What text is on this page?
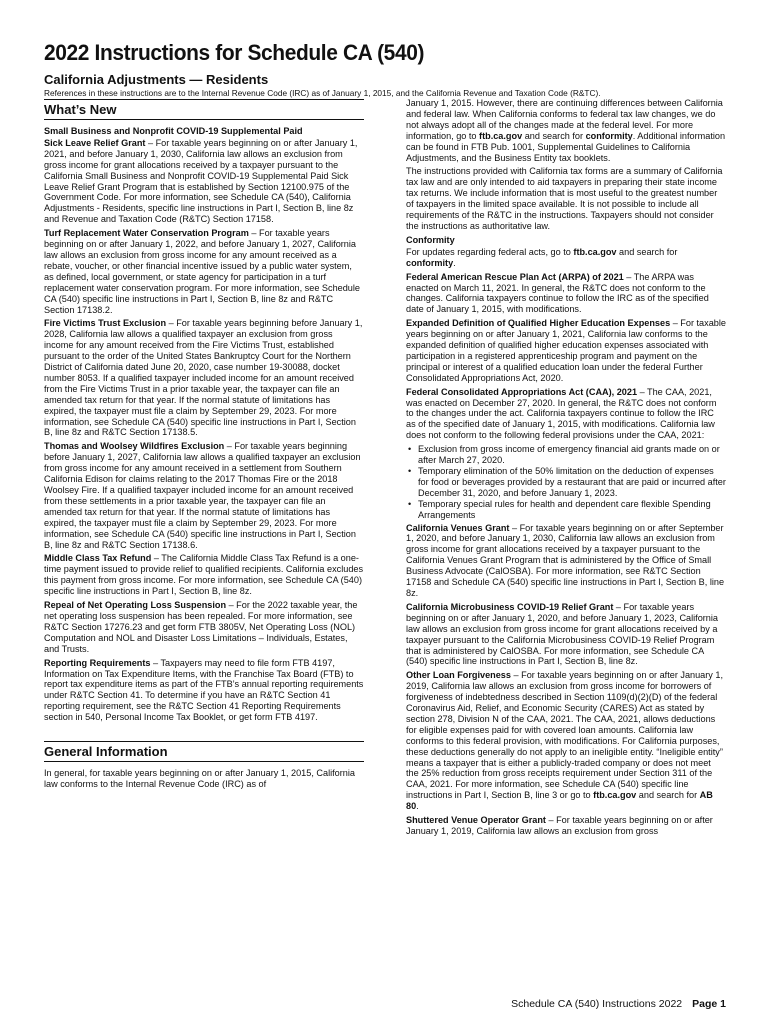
2022 Instructions for Schedule CA (540)
California Adjustments — Residents
References in these instructions are to the Internal Revenue Code (IRC) as of January 1, 2015, and the California Revenue and Taxation Code (R&TC).
What’s New
Small Business and Nonprofit COVID-19 Supplemental Paid

Sick Leave Relief Grant – For taxable years beginning on or after January 1, 2021, and before January 1, 2030, California law allows an exclusion from gross income for grant allocations received by a taxpayer pursuant to the California Small Business and Nonprofit COVID-19 Supplemental Paid Sick Leave Relief Grant Program that is established by Section 12100.975 of the Government Code. For more information, see Schedule CA (540), California Adjustments - Residents, specific line instructions in Part I, Section B, line 8z and Revenue and Taxation Code (R&TC) Section 17158.

Turf Replacement Water Conservation Program – For taxable years beginning on or after January 1, 2022, and before January 1, 2027, California law allows an exclusion from gross income for any amount received as a rebate, voucher, or other financial incentive issued by a public water system, as defined, local government, or state agency for participation in a turf replacement water conservation program. For more information, see Schedule CA (540) specific line instructions in Part I, Section B, line 8z and R&TC Section 17138.2.

Fire Victims Trust Exclusion – For taxable years beginning before January 1, 2028, California law allows a qualified taxpayer an exclusion from gross income for any amount received from the Fire Victims Trust, established pursuant to the order of the United States Bankruptcy Court for the Northern District of California dated June 20, 2020, case number 19-30088, docket number 8053. If a qualified taxpayer included income for an amount received from the Fire Victims Trust in a prior taxable year, the taxpayer can file an amended tax return for that year. If the normal statute of limitations has expired, the taxpayer must file a claim by September 29, 2023. For more information, see Schedule CA (540) specific line instructions in Part I, Section B, line 8z and R&TC Section 17138.5.

Thomas and Woolsey Wildfires Exclusion – For taxable years beginning before January 1, 2027, California law allows a qualified taxpayer an exclusion from gross income for any amount received in a settlement from Southern California Edison for claims relating to the 2017 Thomas Fire or the 2018 Woolsey Fire. If a qualified taxpayer included income for an amount received from these settlements in a prior taxable year, the taxpayer can file an amended tax return for that year. If the normal statute of limitations has expired, the taxpayer must file a claim by September 29, 2023. For more information, see Schedule CA (540) specific line instructions in Part I, Section B, line 8z and R&TC Section 17138.6.

Middle Class Tax Refund – The California Middle Class Tax Refund is a one-time payment issued to provide relief to qualified recipients. California excludes this payment from gross income. For more information, see Schedule CA (540) specific line instructions in Part I, Section B, line 8z.

Repeal of Net Operating Loss Suspension – For the 2022 taxable year, the net operating loss suspension has been repealed. For more information, see R&TC Section 17276.23 and get form FTB 3805V, Net Operating Loss (NOL) Computation and NOL and Disaster Loss Limitations – Individuals, Estates, and Trusts.

Reporting Requirements – Taxpayers may need to file form FTB 4197, Information on Tax Expenditure Items, with the Franchise Tax Board (FTB) to report tax expenditure items as part of the FTB’s annual reporting requirements under R&TC Section 41. To determine if you have an R&TC Section 41 reporting requirement, see the R&TC Section 41 Reporting Requirements section in 540, Personal Income Tax Booklet, or get form FTB 4197.

General Information

In general, for taxable years beginning on or after January 1, 2015, California law conforms to the Internal Revenue Code (IRC) as of

January 1, 2015. However, there are continuing differences between California and federal law. When California conforms to federal tax law changes, we do not always adopt all of the changes made at the federal level. For more information, go to ftb.ca.gov and search for conformity. Additional information can be found in FTB Pub. 1001, Supplemental Guidelines to California Adjustments, and the Business Entity tax booklets.

The instructions provided with California tax forms are a summary of California tax law and are only intended to aid taxpayers in preparing their state income tax returns. We include information that is most useful to the greatest number of taxpayers in the limited space available. It is not possible to include all requirements of the R&TC in the instructions. Taxpayers should not consider the instructions as authoritative law.

Conformity

For updates regarding federal acts, go to ftb.ca.gov and search for conformity.

Federal American Rescue Plan Act (ARPA) of 2021 – The ARPA was enacted on March 11, 2021. In general, the R&TC does not conform to the changes. California taxpayers continue to follow the IRC as of the specified date of January 1, 2015, with modifications.

Expanded Definition of Qualified Higher Education Expenses – For taxable years beginning on or after January 1, 2021, California law conforms to the expanded definition of qualified higher education expenses associated with participation in a registered apprenticeship program and payment on the principal or interest of a qualified education loan under the federal Further Consolidated Appropriations Act, 2020.

Federal Consolidated Appropriations Act (CAA), 2021 – The CAA, 2021, was enacted on December 27, 2020. In general, the R&TC does not conform to the changes under the act. California taxpayers continue to follow the IRC as of the specified date of January 1, 2015, with modifications. California law does not conform to the following federal provisions under the CAA, 2021:

• Exclusion from gross income of emergency financial aid grants made on or after March 27, 2020.
• Temporary elimination of the 50% limitation on the deduction of expenses for food or beverages provided by a restaurant that are paid or incurred after December 31, 2020, and before January 1, 2023.
• Temporary special rules for health and dependent care flexible Spending Arrangements

California Venues Grant – For taxable years beginning on or after September 1, 2020, and before January 1, 2030, California law allows an exclusion from gross income for grant allocations received by a taxpayer pursuant to the California Venues Grant Program that is administered by the Office of Small Business Advocate (CalOSBA). For more information, see R&TC Section 17158 and Schedule CA (540) specific line instructions in Part I, Section B, line 8z.

California Microbusiness COVID-19 Relief Grant – For taxable years beginning on or after January 1, 2020, and before January 1, 2023, California law allows an exclusion from gross income for grant allocations received by a taxpayer pursuant to the California Microbusiness COVID-19 Relief Program that is administered by CalOSBA. For more information, see Schedule CA (540) specific line instructions in Part I, Section B, line 8z.

Other Loan Forgiveness – For taxable years beginning on or after January 1, 2019, California law allows an exclusion from gross income for borrowers of forgiveness of indebtedness described in Section 1109(d)(2)(D) of the federal Coronavirus Aid, Relief, and Economic Security (CARES) Act as stated by section 278, Division N of the CAA, 2021. The CAA, 2021, allows deductions for eligible expenses paid for with covered loan amounts. California law conforms to this federal provision, with modifications. For California purposes, these deductions generally do not apply to an ineligible entity. “Ineligible entity” means a taxpayer that is either a publicly-traded company or does not meet the 25% reduction from gross receipts requirement under Section 311 of the CAA, 2021. For more information, see Schedule CA (540) specific line instructions in Part I, Section B, line 3 or go to ftb.ca.gov and search for AB 80.

Shuttered Venue Operator Grant – For taxable years beginning on or after January 1, 2019, California law allows an exclusion from gross

Schedule CA (540) Instructions 2022 Page 1
